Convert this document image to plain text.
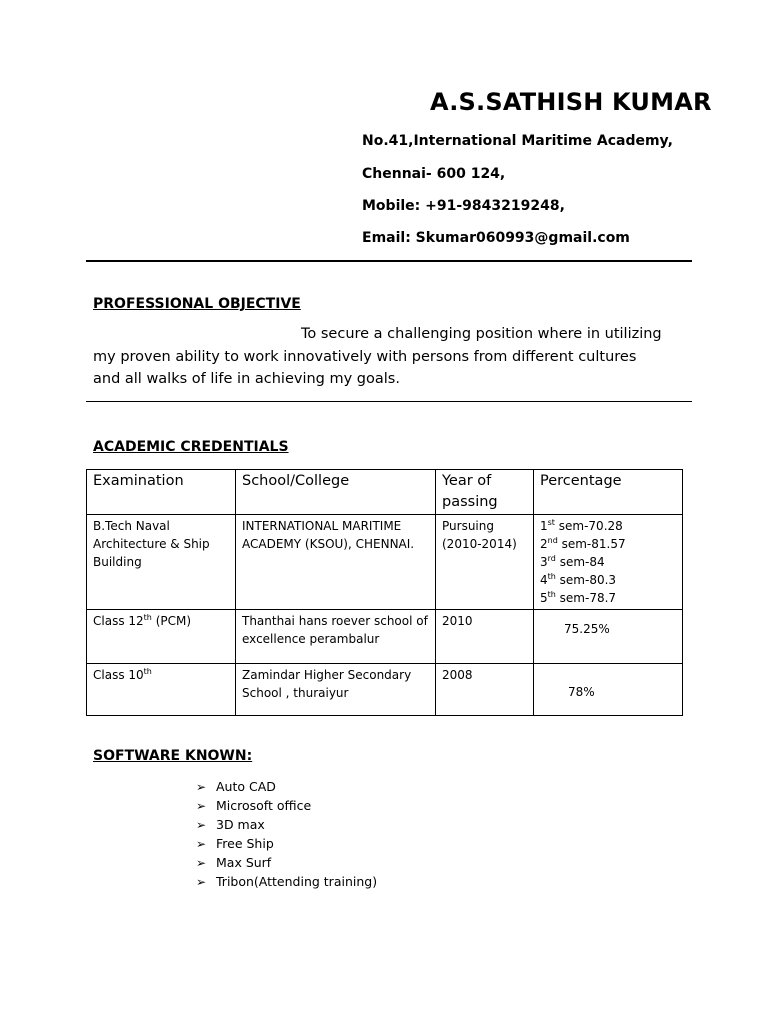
A.S.SATHISH KUMAR
No.41,International Maritime Academy,
Chennai- 600 124,
Mobile: +91-9843219248,
Email: Skumar060993@gmail.com
PROFESSIONAL OBJECTIVE
To secure a challenging position where in utilizing
my proven ability to work innovatively with persons from different cultures
and all walks of life in achieving my goals.
ACADEMIC CREDENTIALS
Examination	School/College	Year of passing	Percentage
B.Tech Naval Architecture & Ship Building	INTERNATIONAL MARITIME ACADEMY (KSOU), CHENNAI.	Pursuing (2010-2014)	1st sem-70.28
2nd sem-81.57
3rd sem-84
4th sem-80.3
5th sem-78.7

Class 12th (PCM)	Thanthai hans roever school of excellence perambalur	2010	75.25%

Class 10th	Zamindar Higher Secondary School , thuraiyur	2008	78%
SOFTWARE KNOWN:
➢ Auto CAD
➢ Microsoft office
➢ 3D max
➢ Free Ship
➢ Max Surf
➢ Tribon(Attending training)
